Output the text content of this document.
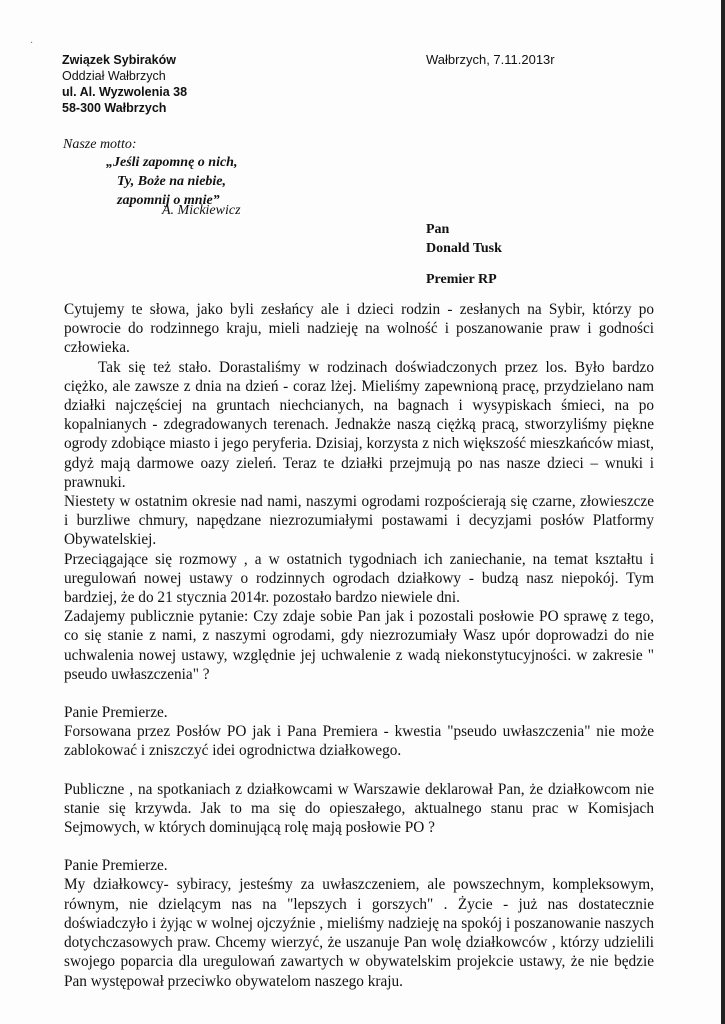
·
Związek Sybiraków
Oddział Wałbrzych
ul. Al. Wyzwolenia 38
58-300 Wałbrzych
Wałbrzych, 7.11.2013r
Nasze motto:
„Jeśli zapomnę o nich,
Ty, Boże na niebie,
zapomnij o mnie”
A. Mickiewicz
Pan
Donald Tusk
Premier RP

Cytujemy te słowa, jako byli zesłańcy ale i dzieci rodzin - zesłanych na Sybir, którzy po powrocie do rodzinnego kraju, mieli nadzieję na wolność i poszanowanie praw i godności człowieka.

Tak się też stało. Dorastaliśmy w rodzinach doświadczonych przez los. Było bardzo ciężko, ale zawsze z dnia na dzień - coraz lżej. Mieliśmy zapewnioną pracę, przydzielano nam działki najczęściej na gruntach niechcianych, na bagnach i wysypiskach śmieci, na po kopalnianych - zdegradowanych terenach. Jednakże naszą ciężką pracą, stworzyliśmy piękne ogrody zdobiące miasto i jego peryferia. Dzisiaj, korzysta z nich większość mieszkańców miast, gdyż mają darmowe oazy zieleń. Teraz te działki przejmują po nas nasze dzieci – wnuki i prawnuki.

Niestety w ostatnim okresie nad nami, naszymi ogrodami rozpościerają się czarne, złowieszcze i burzliwe chmury, napędzane niezrozumiałymi postawami i decyzjami posłów Platformy Obywatelskiej.

Przeciągające się rozmowy , a w ostatnich tygodniach ich zaniechanie, na temat kształtu i uregulowań nowej ustawy o rodzinnych ogrodach działkowy - budzą nasz niepokój. Tym bardziej, że do 21 stycznia 2014r. pozostało bardzo niewiele dni.

Zadajemy publicznie pytanie: Czy zdaje sobie Pan jak i pozostali posłowie PO sprawę z tego, co się stanie z nami, z naszymi ogrodami, gdy niezrozumiały Wasz upór doprowadzi do nie uchwalenia nowej ustawy, względnie jej uchwalenie z wadą niekonstytucyjności. w zakresie " pseudo uwłaszczenia" ?

Panie Premierze.

Forsowana przez Posłów PO jak i Pana Premiera - kwestia "pseudo uwłaszczenia" nie może zablokować i zniszczyć idei ogrodnictwa działkowego.

Publiczne , na spotkaniach z działkowcami w Warszawie deklarował Pan, że działkowcom nie stanie się krzywda. Jak to ma się do opieszałego, aktualnego stanu prac w Komisjach Sejmowych, w których dominującą rolę mają posłowie PO ?

Panie Premierze.

My działkowcy- sybiracy, jesteśmy za uwłaszczeniem, ale powszechnym, kompleksowym, równym, nie dzielącym nas na "lepszych i gorszych" . Życie - już nas dostatecznie doświadczyło i żyjąc w wolnej ojczyźnie , mieliśmy nadzieję na spokój i poszanowanie naszych dotychczasowych praw. Chcemy wierzyć, że uszanuje Pan wolę działkowców , którzy udzielili swojego poparcia dla uregulowań zawartych w obywatelskim projekcie ustawy, że nie będzie Pan występował przeciwko obywatelom naszego kraju.
